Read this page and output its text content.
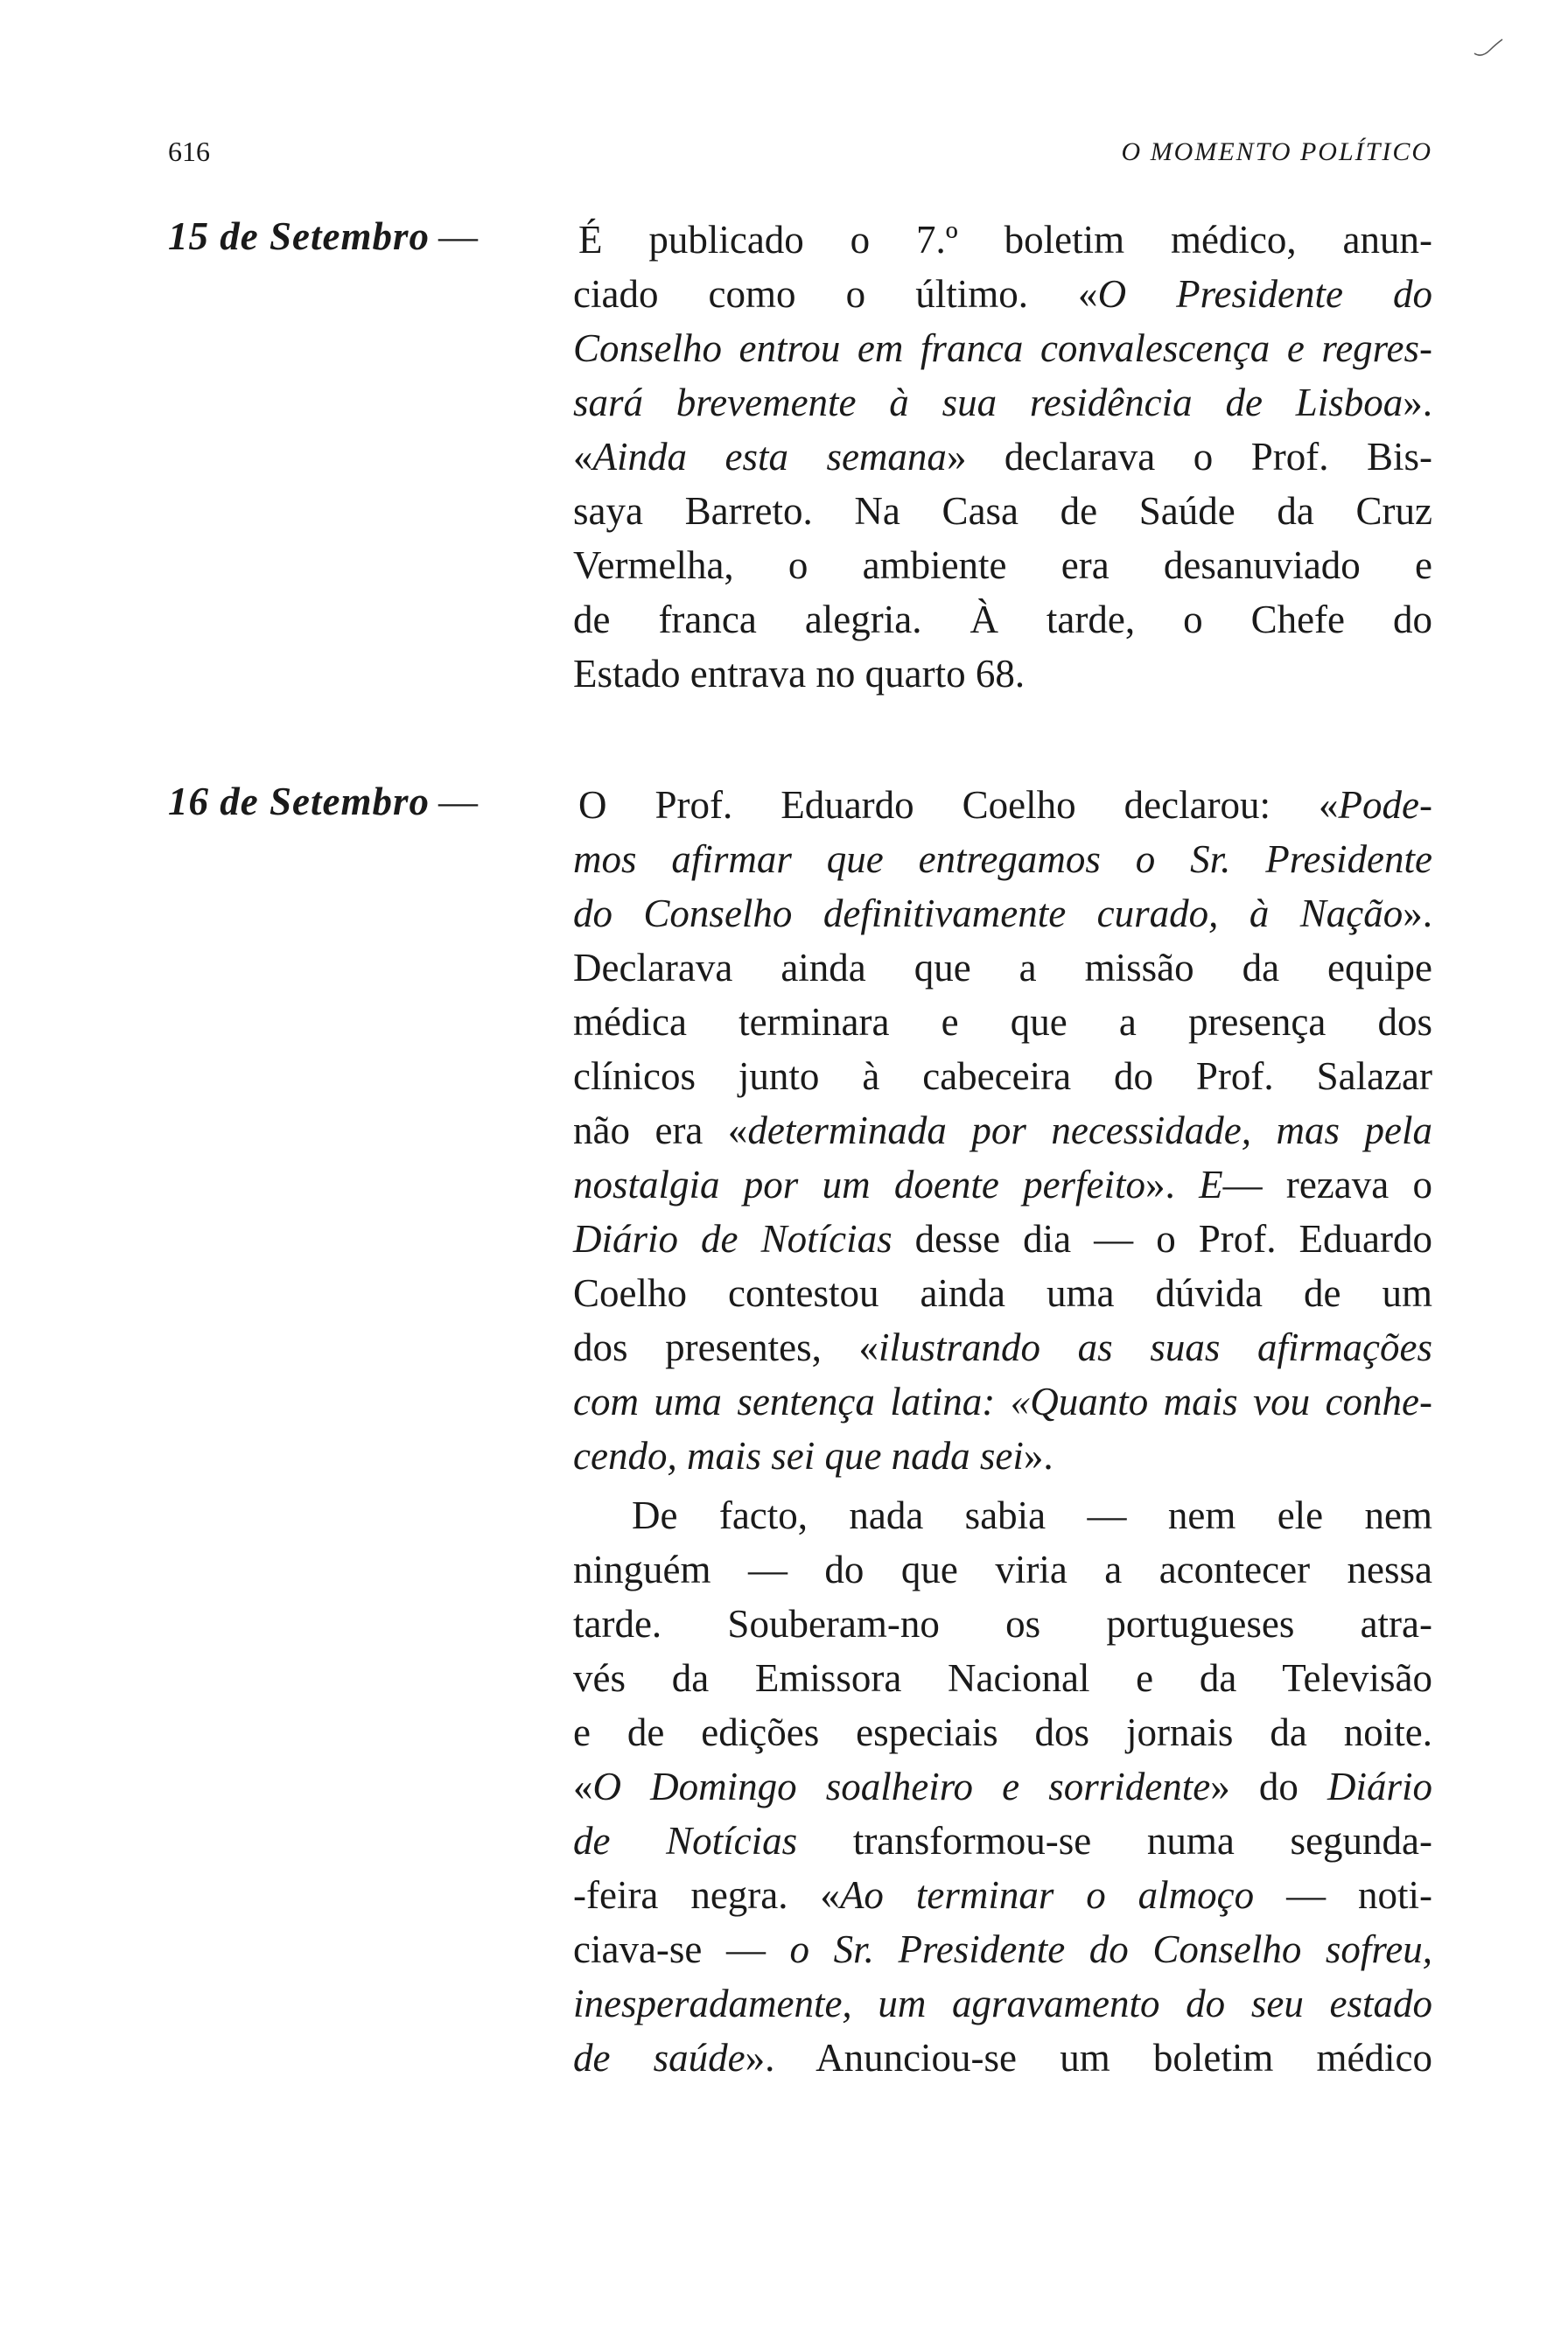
616	O MOMENTO POLÍTICO
15 de Setembro —	É publicado o 7.º boletim médico, anun-
ciado como o último. «O Presidente do
Conselho entrou em franca convalescença e regres-
sará brevemente à sua residência de Lisboa».
«Ainda esta semana» declarava o Prof. Bis-
saya Barreto. Na Casa de Saúde da Cruz
Vermelha, o ambiente era desanuviado e
de franca alegria. À tarde, o Chefe do
Estado entrava no quarto 68.
16 de Setembro —	O Prof. Eduardo Coelho declarou: «Pode-
mos afirmar que entregamos o Sr. Presidente
do Conselho definitivamente curado, à Nação».
Declarava ainda que a missão da equipe
médica terminara e que a presença dos
clínicos junto à cabeceira do Prof. Salazar
não era «determinada por necessidade, mas pela
nostalgia por um doente perfeito». E— rezava o
Diário de Notícias desse dia — o Prof. Eduardo
Coelho contestou ainda uma dúvida de um
dos presentes, «ilustrando as suas afirmações
com uma sentença latina: «Quanto mais vou conhe-
cendo, mais sei que nada sei».
De facto, nada sabia — nem ele nem
ninguém — do que viria a acontecer nessa
tarde. Souberam-no os portugueses atra-
vés da Emissora Nacional e da Televisão
e de edições especiais dos jornais da noite.
«O Domingo soalheiro e sorridente» do Diário
de Notícias transformou-se numa segunda-
-feira negra. «Ao terminar o almoço — noti-
ciava-se — o Sr. Presidente do Conselho sofreu,
inesperadamente, um agravamento do seu estado
de saúde». Anunciou-se um boletim médico
